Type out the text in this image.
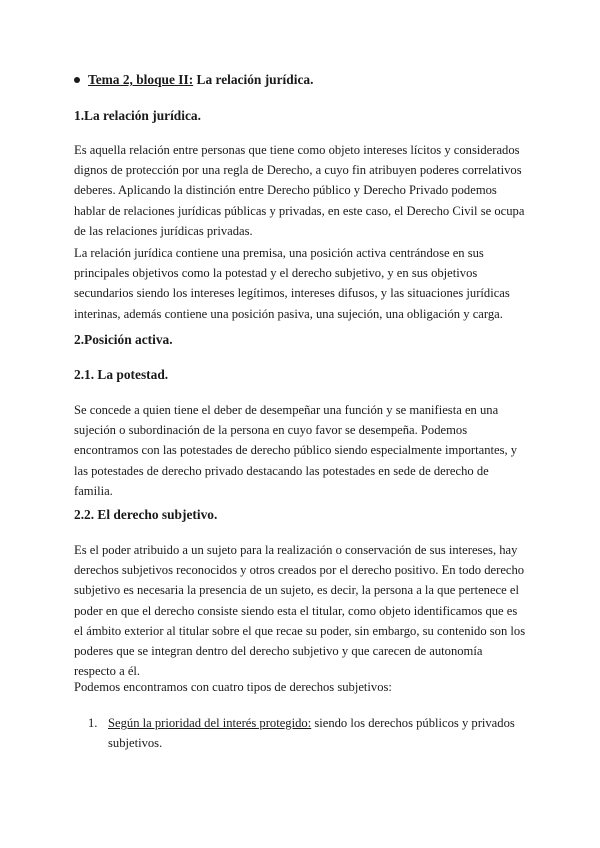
Tema 2, bloque II: La relación jurídica.
1.La relación jurídica.
Es aquella relación entre personas que tiene como objeto intereses lícitos y considerados dignos de protección por una regla de Derecho, a cuyo fin atribuyen poderes correlativos deberes. Aplicando la distinción entre Derecho público y Derecho Privado podemos hablar de relaciones jurídicas públicas y privadas, en este caso, el Derecho Civil se ocupa de las relaciones jurídicas privadas.
La relación jurídica contiene una premisa, una posición activa centrándose en sus principales objetivos como la potestad y el derecho subjetivo, y en sus objetivos secundarios siendo los intereses legítimos, intereses difusos, y las situaciones jurídicas interinas, además contiene una posición pasiva, una sujeción, una obligación y carga.
2.Posición activa.
2.1. La potestad.
Se concede a quien tiene el deber de desempeñar una función y se manifiesta en una sujeción o subordinación de la persona en cuyo favor se desempeña. Podemos encontramos con las potestades de derecho público siendo especialmente importantes, y las potestades de derecho privado destacando las potestades en sede de derecho de familia.
2.2. El derecho subjetivo.
Es el poder atribuido a un sujeto para la realización o conservación de sus intereses, hay derechos subjetivos reconocidos y otros creados por el derecho positivo. En todo derecho subjetivo es necesaria la presencia de un sujeto, es decir, la persona a la que pertenece el poder en que el derecho consiste siendo esta el titular, como objeto identificamos que es el ámbito exterior al titular sobre el que recae su poder, sin embargo, su contenido son los poderes que se integran dentro del derecho subjetivo y que carecen de autonomía respecto a él.
Podemos encontramos con cuatro tipos de derechos subjetivos:
1. Según la prioridad del interés protegido: siendo los derechos públicos y privados subjetivos.
